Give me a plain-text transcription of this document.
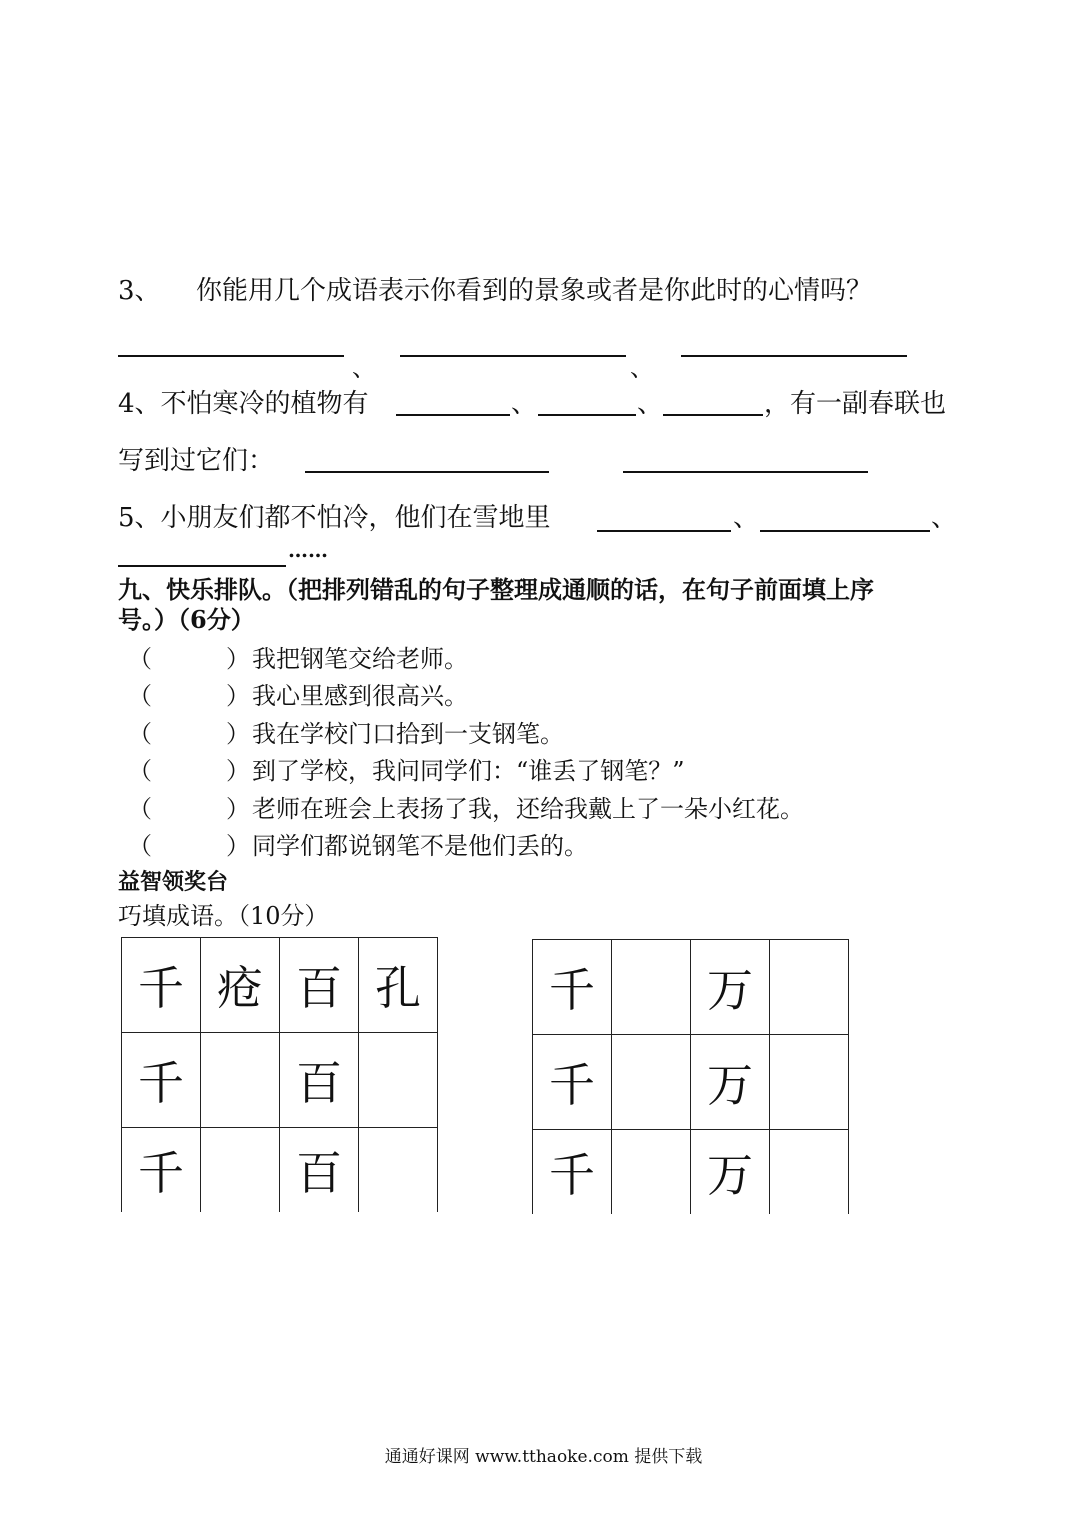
3、 你能用几个成语表示你看到的景象或者是你此时的心情吗？
、	、
4、不怕寒冷的植物有	、	、	，有一副春联也
写到过它们：
5、小朋友们都不怕冷，他们在雪地里	、	、
……
九、快乐排队。（把排列错乱的句子整理成通顺的话，在句子前面填上序
号。）（6分）
（	） 我把钢笔交给老师。
（	） 我心里感到很高兴。
（	） 我在学校门口拾到一支钢笔。
（	） 到了学校，我问同学们：“谁丢了钢笔？”
（	） 老师在班会上表扬了我，还给我戴上了一朵小红花。
（	） 同学们都说钢笔不是他们丢的。
益智领奖台
巧填成语。（10分）
千	疮	百	孔
千		百	
千		百	
千		万	
千		万	
千		万	
通通好课网 www.tthaoke.com 提供下载
